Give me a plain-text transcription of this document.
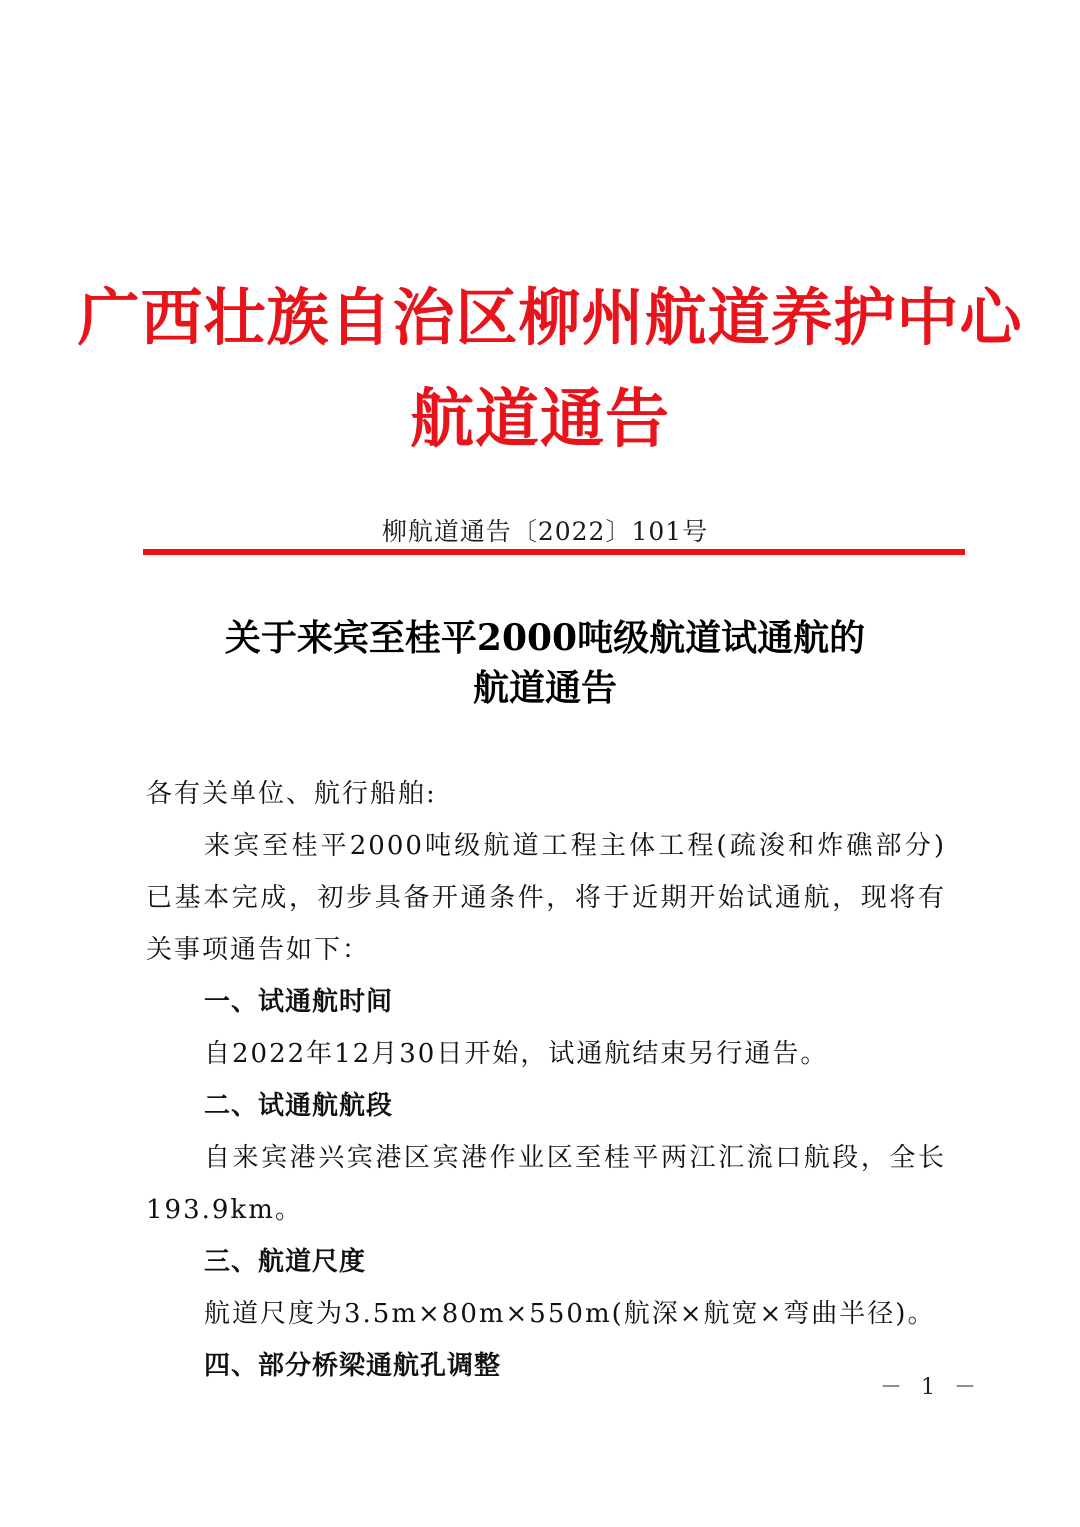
广西壮族自治区柳州航道养护中心
航道通告
柳航道通告〔2022〕101号
关于来宾至桂平2000吨级航道试通航的
航道通告

各有关单位、航行船舶:

来宾至桂平2000吨级航道工程主体工程(疏浚和炸礁部分)已基本完成，初步具备开通条件，将于近期开始试通航，现将有关事项通告如下：

一、试通航时间

自2022年12月30日开始，试通航结束另行通告。

二、试通航航段

自来宾港兴宾港区宾港作业区至桂平两江汇流口航段，全长193.9km。

三、航道尺度

航道尺度为3.5m×80m×550m(航深×航宽×弯曲半径)。

四、部分桥梁通航孔调整

－ 1 －
